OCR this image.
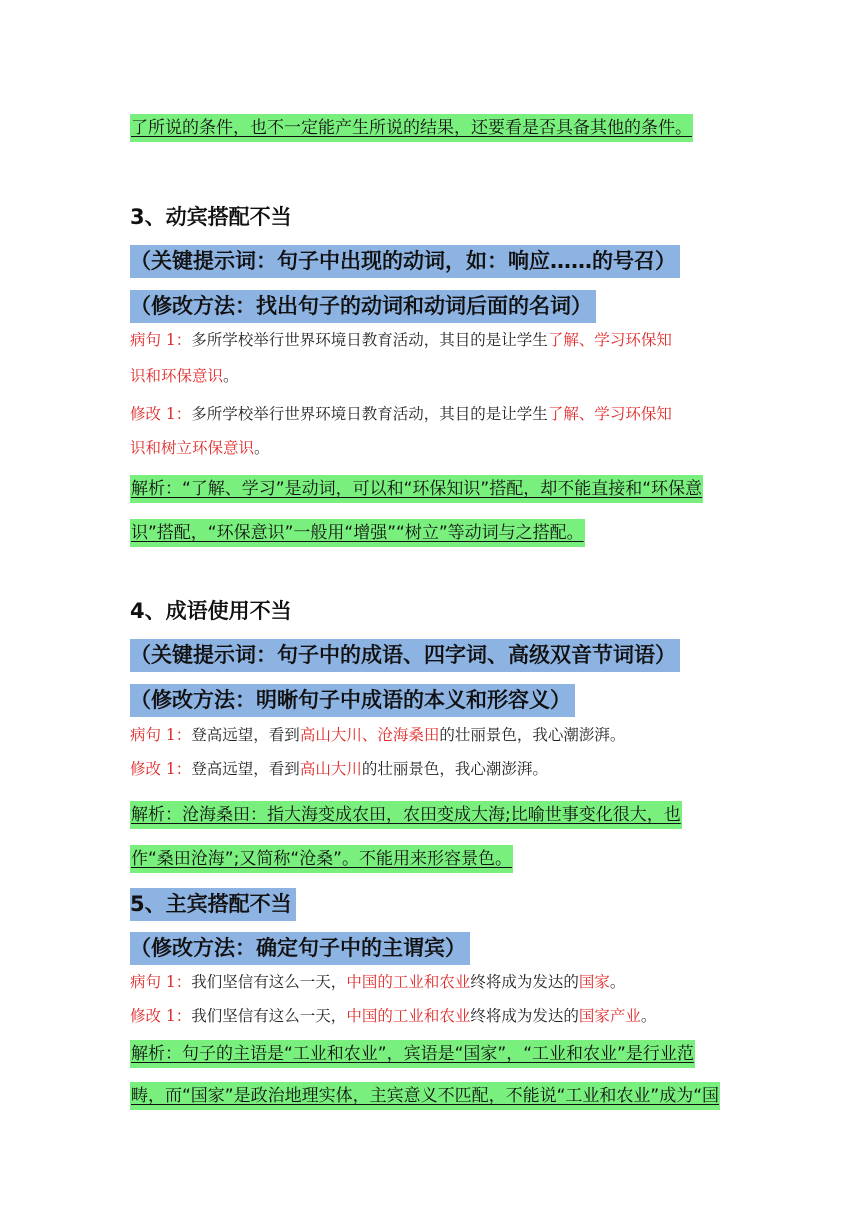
了所说的条件，也不一定能产生所说的结果，还要看是否具备其他的条件。
3、动宾搭配不当
（关键提示词：句子中出现的动词，如：响应……的号召）
（修改方法：找出句子的动词和动词后面的名词）
病句 1：多所学校举行世界环境日教育活动，其目的是让学生了解、学习环保知
识和环保意识。
修改 1：多所学校举行世界环境日教育活动，其目的是让学生了解、学习环保知
识和树立环保意识。
解析：“了解、学习”是动词，可以和“环保知识”搭配，却不能直接和“环保意
识”搭配，“环保意识”一般用“增强”“树立”等动词与之搭配。
4、成语使用不当
（关键提示词：句子中的成语、四字词、高级双音节词语）
（修改方法：明晰句子中成语的本义和形容义）
病句 1：登高远望，看到高山大川、沧海桑田的壮丽景色，我心潮澎湃。
修改 1：登高远望，看到高山大川的壮丽景色，我心潮澎湃。
解析：沧海桑田：指大海变成农田，农田变成大海;比喻世事变化很大，也
作“桑田沧海”;又简称“沧桑”。不能用来形容景色。
5、主宾搭配不当
（修改方法：确定句子中的主谓宾）
病句 1：我们坚信有这么一天，中国的工业和农业终将成为发达的国家。
修改 1：我们坚信有这么一天，中国的工业和农业终将成为发达的国家产业。
解析：句子的主语是“工业和农业”，宾语是“国家”，“工业和农业”是行业范
畴，而“国家”是政治地理实体，主宾意义不匹配，不能说“工业和农业”成为“国
